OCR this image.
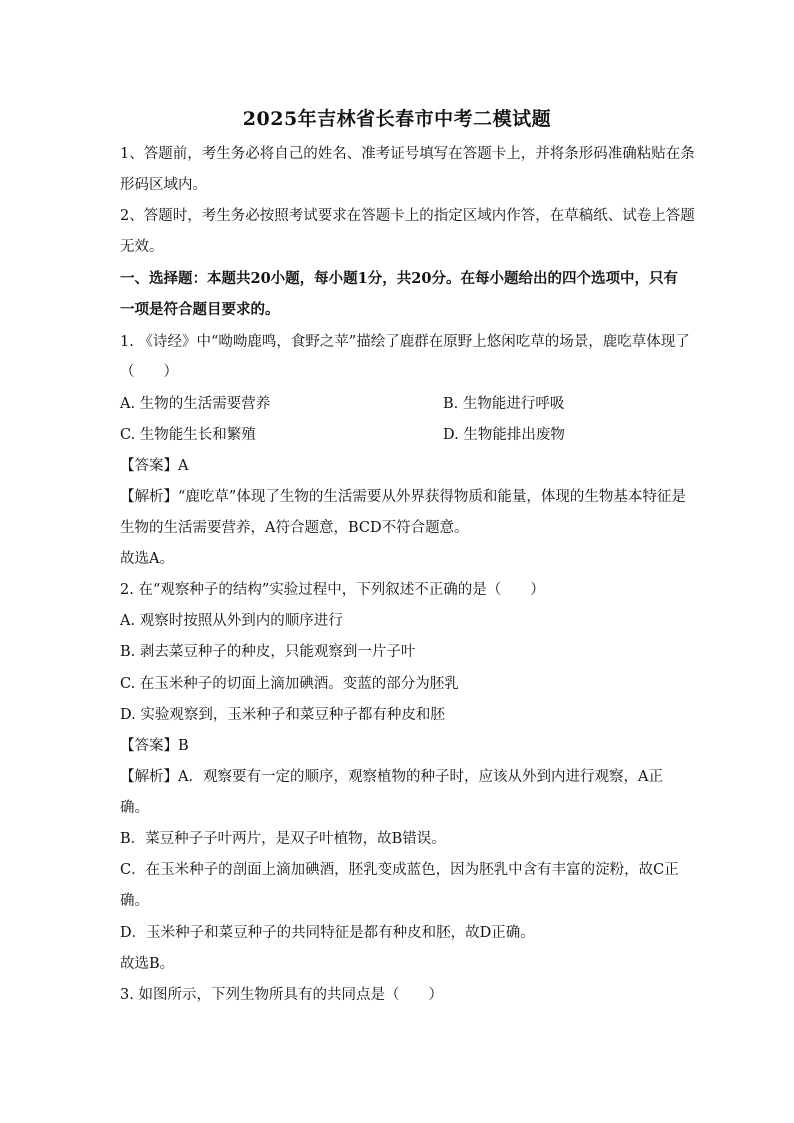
2025年吉林省长春市中考二模试题
1、答题前，考生务必将自己的姓名、准考证号填写在答题卡上，并将条形码准确粘贴在条
形码区域内。
2、答题时，考生务必按照考试要求在答题卡上的指定区域内作答，在草稿纸、试卷上答题
无效。
一、选择题：本题共20小题，每小题1分，共20分。在每小题给出的四个选项中，只有
一项是符合题目要求的。
1. 《诗经》中“呦呦鹿鸣，食野之苹”描绘了鹿群在原野上悠闲吃草的场景，鹿吃草体现了
（　　）
A. 生物的生活需要营养	B. 生物能进行呼吸
C. 生物能生长和繁殖	D. 生物能排出废物
【答案】A
【解析】“鹿吃草”体现了生物的生活需要从外界获得物质和能量，体现的生物基本特征是
生物的生活需要营养，A符合题意，BCD不符合题意。
故选A。
2. 在“观察种子的结构”实验过程中，下列叙述不正确的是（　　）
A. 观察时按照从外到内的顺序进行
B. 剥去菜豆种子的种皮，只能观察到一片子叶
C. 在玉米种子的切面上滴加碘酒。变蓝的部分为胚乳
D. 实验观察到，玉米种子和菜豆种子都有种皮和胚
【答案】B
【解析】A．观察要有一定的顺序，观察植物的种子时，应该从外到内进行观察，A正
确。
B．菜豆种子子叶两片，是双子叶植物，故B错误。
C．在玉米种子的剖面上滴加碘酒，胚乳变成蓝色，因为胚乳中含有丰富的淀粉，故C正
确。
D．玉米种子和菜豆种子的共同特征是都有种皮和胚，故D正确。
故选B。
3. 如图所示，下列生物所具有的共同点是（　　）
